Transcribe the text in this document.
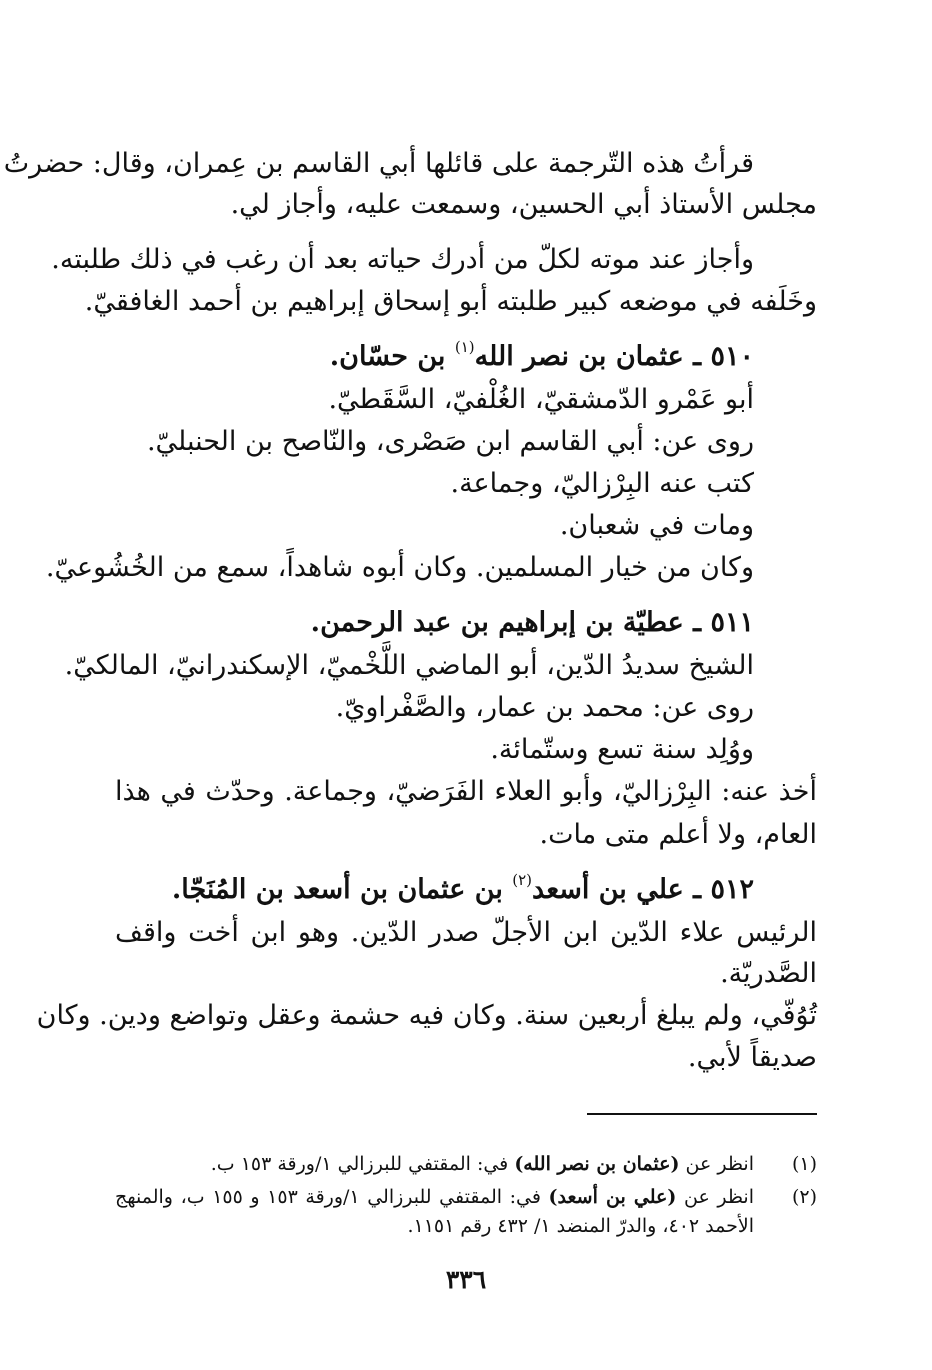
قرأتُ هذه التّرجمة على قائلها أبي القاسم بن عِمران، وقال: حضرتُ

مجلس الأستاذ أبي الحسين، وسمعت عليه، وأجاز لي.

وأجاز عند موته لكلّ من أدرك حياته بعد أن رغب في ذلك طلبته.

وخَلَفه في موضعه كبير طلبته أبو إسحاق إبراهيم بن أحمد الغافقيّ.

٥١٠ ـ عثمان بن نصر الله$^{(١)}$ بن حسّان.

أبو عَمْرو الدّمشقيّ، الغُلْفيّ، السَّقَطيّ.

روى عن: أبي القاسم ابن صَصْرى، والنّاصح بن الحنبليّ.

كتب عنه البِرْزاليّ، وجماعة.

ومات في شعبان.

وكان من خيار المسلمين. وكان أبوه شاهداً، سمع من الخُشُوعيّ.

٥١١ ـ عطيّة بن إبراهيم بن عبد الرحمن.

الشيخ سديدُ الدّين، أبو الماضي اللَّخْميّ، الإسكندرانيّ، المالكيّ.

روى عن: محمد بن عمار، والصَّفْراويّ.

ووُلِد سنة تسع وستّمائة.

أخذ عنه: البِرْزاليّ، وأبو العلاء الفَرَضيّ، وجماعة. وحدّث في هذا

العام، ولا أعلم متى مات.

٥١٢ ـ علي بن أسعد$^{(٢)}$ بن عثمان بن أسعد بن المُنَجّا.

الرئيس علاء الدّين ابن الأجلّ صدر الدّين. وهو ابن أخت واقف

الصَّدريّة.

تُوُفّي، ولم يبلغ أربعين سنة. وكان فيه حشمة وعقل وتواضع ودين. وكان

صديقاً لأبي.

(١)

انظر عن (عثمان بن نصر الله) في: المقتفي للبرزالي ١/ورقة ١٥٣ ب.

(٢)

انظر عن (علي بن أسعد) في: المقتفي للبرزالي ١/ورقة ١٥٣ و ١٥٥ ب، والمنهج

الأحمد ٤٠٢، والدرّ المنضد ١/ ٤٣٢ رقم ١١٥١.

٣٣٦
